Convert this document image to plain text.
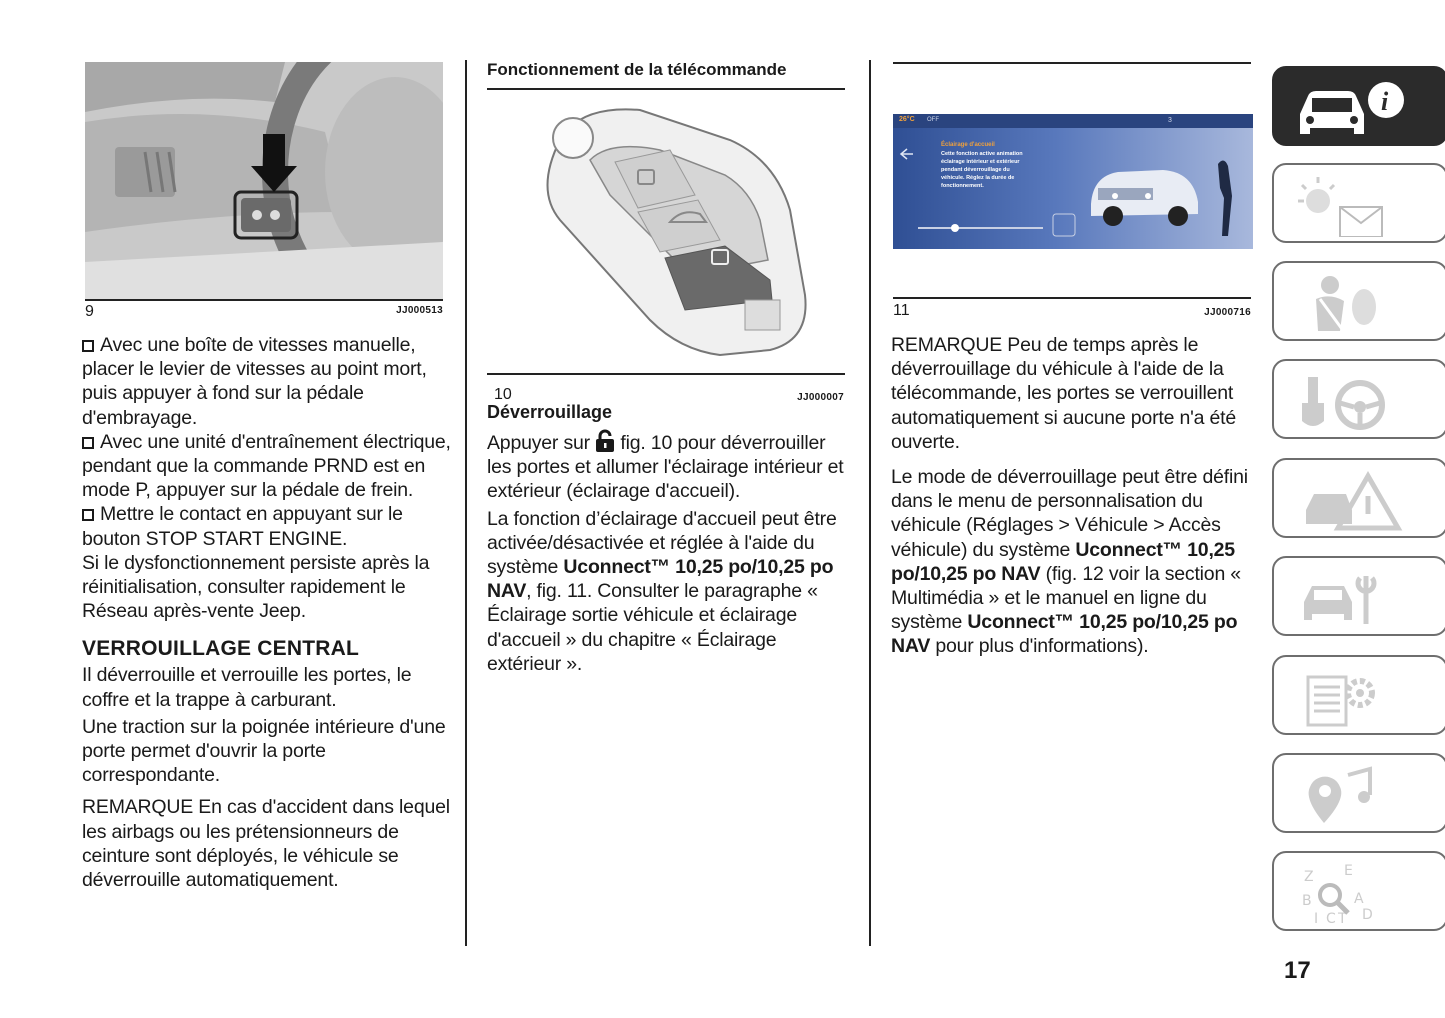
9	JJ000513

Avec une boîte de vitesses manuelle, placer le levier de vitesses au point mort, puis appuyer à fond sur la pédale d'embrayage.

Avec une unité d'entraînement électrique, pendant que la commande PRND est en mode P, appuyer sur la pédale de frein.

Mettre le contact en appuyant sur le bouton STOP START ENGINE.

Si le dysfonctionnement persiste après la réinitialisation, consulter rapidement le Réseau après-vente Jeep.

VERROUILLAGE CENTRAL

Il déverrouille et verrouille les portes, le coffre et la trappe à carburant.

Une traction sur la poignée intérieure d'une porte permet d'ouvrir la porte correspondante.

REMARQUE En cas d'accident dans lequel les airbags ou les prétensionneurs de ceinture sont déployés, le véhicule se déverrouille automatiquement.

Fonctionnement de la télécommande
10	JJ000007
Déverrouillage

Appuyer sur fig. 10 pour déverrouiller les portes et allumer l'éclairage intérieur et extérieur (éclairage d'accueil).

La fonction d’éclairage d'accueil peut être activée/désactivée et réglée à l'aide du système Uconnect™ 10,25 po/10,25 po NAV, fig. 11. Consulter le paragraphe « Éclairage sortie véhicule et éclairage d'accueil » du chapitre « Éclairage extérieur ».

26°C OFF	3
Éclairage d'accueil
Cette fonction active animation éclairage intérieur et extérieur pendant déverrouillage du véhicule. Réglez la durée de fonctionnement.
11	JJ000716

REMARQUE Peu de temps après le déverrouillage du véhicule à l'aide de la télécommande, les portes se verrouillent automatiquement si aucune porte n'a été ouverte.

Le mode de déverrouillage peut être défini dans le menu de personnalisation du véhicule (Réglages > Véhicule > Accès véhicule) du système Uconnect™ 10,25 po/10,25 po NAV (fig. 12 voir la section « Multimédia » et le manuel en ligne du système Uconnect™ 10,25 po/10,25 po NAV pour plus d'informations).

i
Z E
B	A
I C T D
17
